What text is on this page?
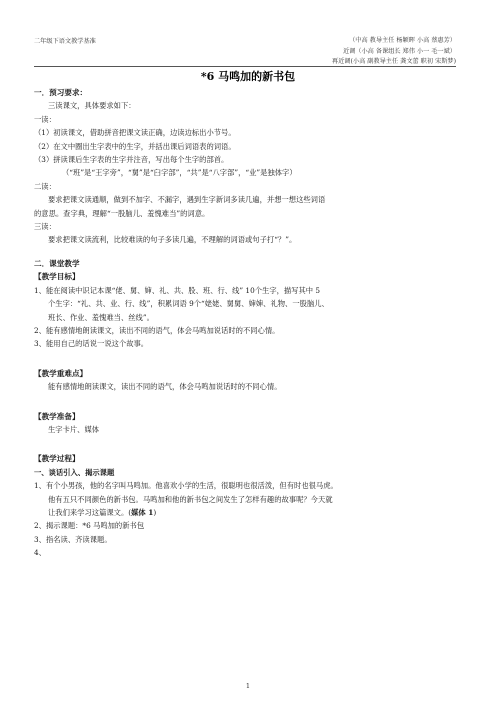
二年级下语文教学基准	（中高 教导主任 杨颖晖 小高 蔡惠芳）
近调（小高 备课组长 郑伟 小一 毛一斌）
再近调(小高 副教导主任 龚文蕾 职初 宋斯梦)
*6 马鸣加的新书包

一．预习要求：

三读课文，具体要求如下：

一读：

（1）初读课文，借助拼音把课文读正确，边读边标出小节号。

（2）在文中圈出生字表中的生字，并括出课后词语表的词语。

（3）拼读课后生字表的生字并注音，写出每个生字的部首。

（“班”是“王字旁”，“舅”是“臼字部”，“共”是“八字部”，“业”是独体字）

二读：

要求把课文读通顺，做到不加字、不漏字，遇到生字新词多读几遍，并想一想这些词语

的意思。查字典，理解“一股脑儿、羞愧难当”的词意。

三读：

要求把课文读流利，比较难读的句子多读几遍，不理解的词语或句子打“？”。

二．课堂教学

【教学目标】

1、能在阅读中识记本课“佬、舅、婶、礼、共、股、班、行、线” 10个生字，描写其中 5

个生字：“礼、共、业、行、线”，积累词语 9个“姥姥、舅舅、婶婶、礼物、一股脑儿、

班长、作业、羞愧难当、丝线”。

2、能有感情地朗读课文，读出不同的语气，体会马鸣加说话时的不同心情。

3、能用自己的话说一说这个故事。

【教学重难点】

能有感情地朗读课文，读出不同的语气，体会马鸣加说话时的不同心情。

【教学准备】

生字卡片、媒体

【教学过程】

一、谈话引入、揭示课题

1、有个小男孩，他的名字叫马鸣加。他喜欢小学的生活，很聪明也很活泼，但有时也很马虎。

他有五只不同颜色的新书包。马鸣加和他的新书包之间发生了怎样有趣的故事呢？今天就

让我们来学习这篇课文。(媒体 1)

2、揭示课题：*6 马鸣加的新书包

3、指名读、齐读课题。

4、

1
